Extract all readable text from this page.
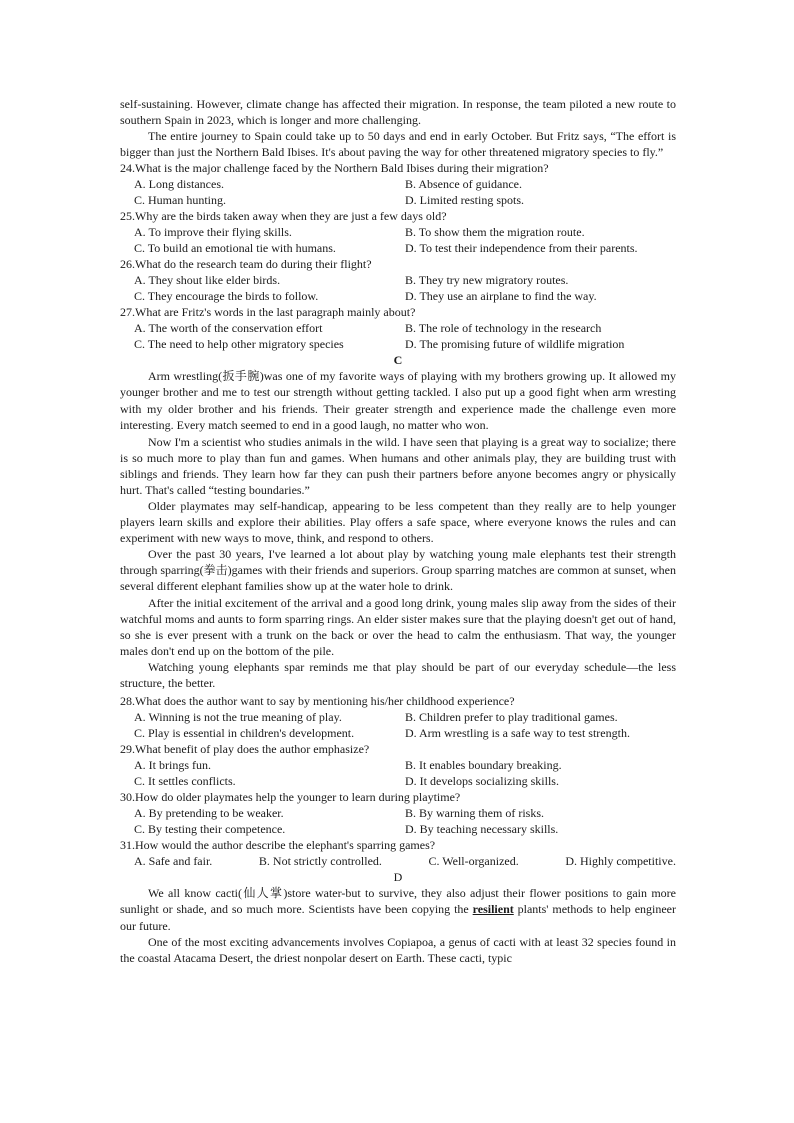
self-sustaining. However, climate change has affected their migration. In response, the team piloted a new route to southern Spain in 2023, which is longer and more challenging.

The entire journey to Spain could take up to 50 days and end in early October. But Fritz says, “The effort is bigger than just the Northern Bald Ibises. It's about paving the way for other threatened migratory species to fly.”

24.What is the major challenge faced by the Northern Bald Ibises during their migration?

A. Long distances.	B. Absence of guidance.
C. Human hunting.	D. Limited resting spots.

25.Why are the birds taken away when they are just a few days old?

A. To improve their flying skills.	B. To show them the migration route.
C. To build an emotional tie with humans.	D. To test their independence from their parents.

26.What do the research team do during their flight?

A. They shout like elder birds.	B. They try new migratory routes.
C. They encourage the birds to follow.	D. They use an airplane to find the way.

27.What are Fritz's words in the last paragraph mainly about?

A. The worth of the conservation effort	B. The role of technology in the research
C. The need to help other migratory species	D. The promising future of wildlife migration

C

Arm wrestling(扳手腕)was one of my favorite ways of playing with my brothers growing up. It allowed my younger brother and me to test our strength without getting tackled. I also put up a good fight when arm wresting with my older brother and his friends. Their greater strength and experience made the challenge even more interesting. Every match seemed to end in a good laugh, no matter who won.

Now I'm a scientist who studies animals in the wild. I have seen that playing is a great way to socialize; there is so much more to play than fun and games. When humans and other animals play, they are building trust with siblings and friends. They learn how far they can push their partners before anyone becomes angry or physically hurt. That's called “testing boundaries.”

Older playmates may self-handicap, appearing to be less competent than they really are to help younger players learn skills and explore their abilities. Play offers a safe space, where everyone knows the rules and can experiment with new ways to move, think, and respond to others.

Over the past 30 years, I've learned a lot about play by watching young male elephants test their strength through sparring(拳击)games with their friends and superiors. Group sparring matches are common at sunset, when several different elephant families show up at the water hole to drink.

After the initial excitement of the arrival and a good long drink, young males slip away from the sides of their watchful moms and aunts to form sparring rings. An elder sister makes sure that the playing doesn't get out of hand, so she is ever present with a trunk on the back or over the head to calm the enthusiasm. That way, the younger males don't end up on the bottom of the pile.

Watching young elephants spar reminds me that play should be part of our everyday schedule—the less structure, the better.

28.What does the author want to say by mentioning his/her childhood experience?

A. Winning is not the true meaning of play.	B. Children prefer to play traditional games.
C. Play is essential in children's development.	D. Arm wrestling is a safe way to test strength.

29.What benefit of play does the author emphasize?

A. It brings fun.	B. It enables boundary breaking.
C. It settles conflicts.	D. It develops socializing skills.

30.How do older playmates help the younger to learn during playtime?

A. By pretending to be weaker.	B. By warning them of risks.
C. By testing their competence.	D. By teaching necessary skills.

31.How would the author describe the elephant's sparring games?

A. Safe and fair.	B. Not strictly controlled.	C. Well-organized.	D. Highly competitive.

D

We all know cacti(仙人掌)store water-but to survive, they also adjust their flower positions to gain more sunlight or shade, and so much more. Scientists have been copying the resilient plants' methods to help engineer our future.

One of the most exciting advancements involves Copiapoa, a genus of cacti with at least 32 species found in the coastal Atacama Desert, the driest nonpolar desert on Earth. These cacti, typic
